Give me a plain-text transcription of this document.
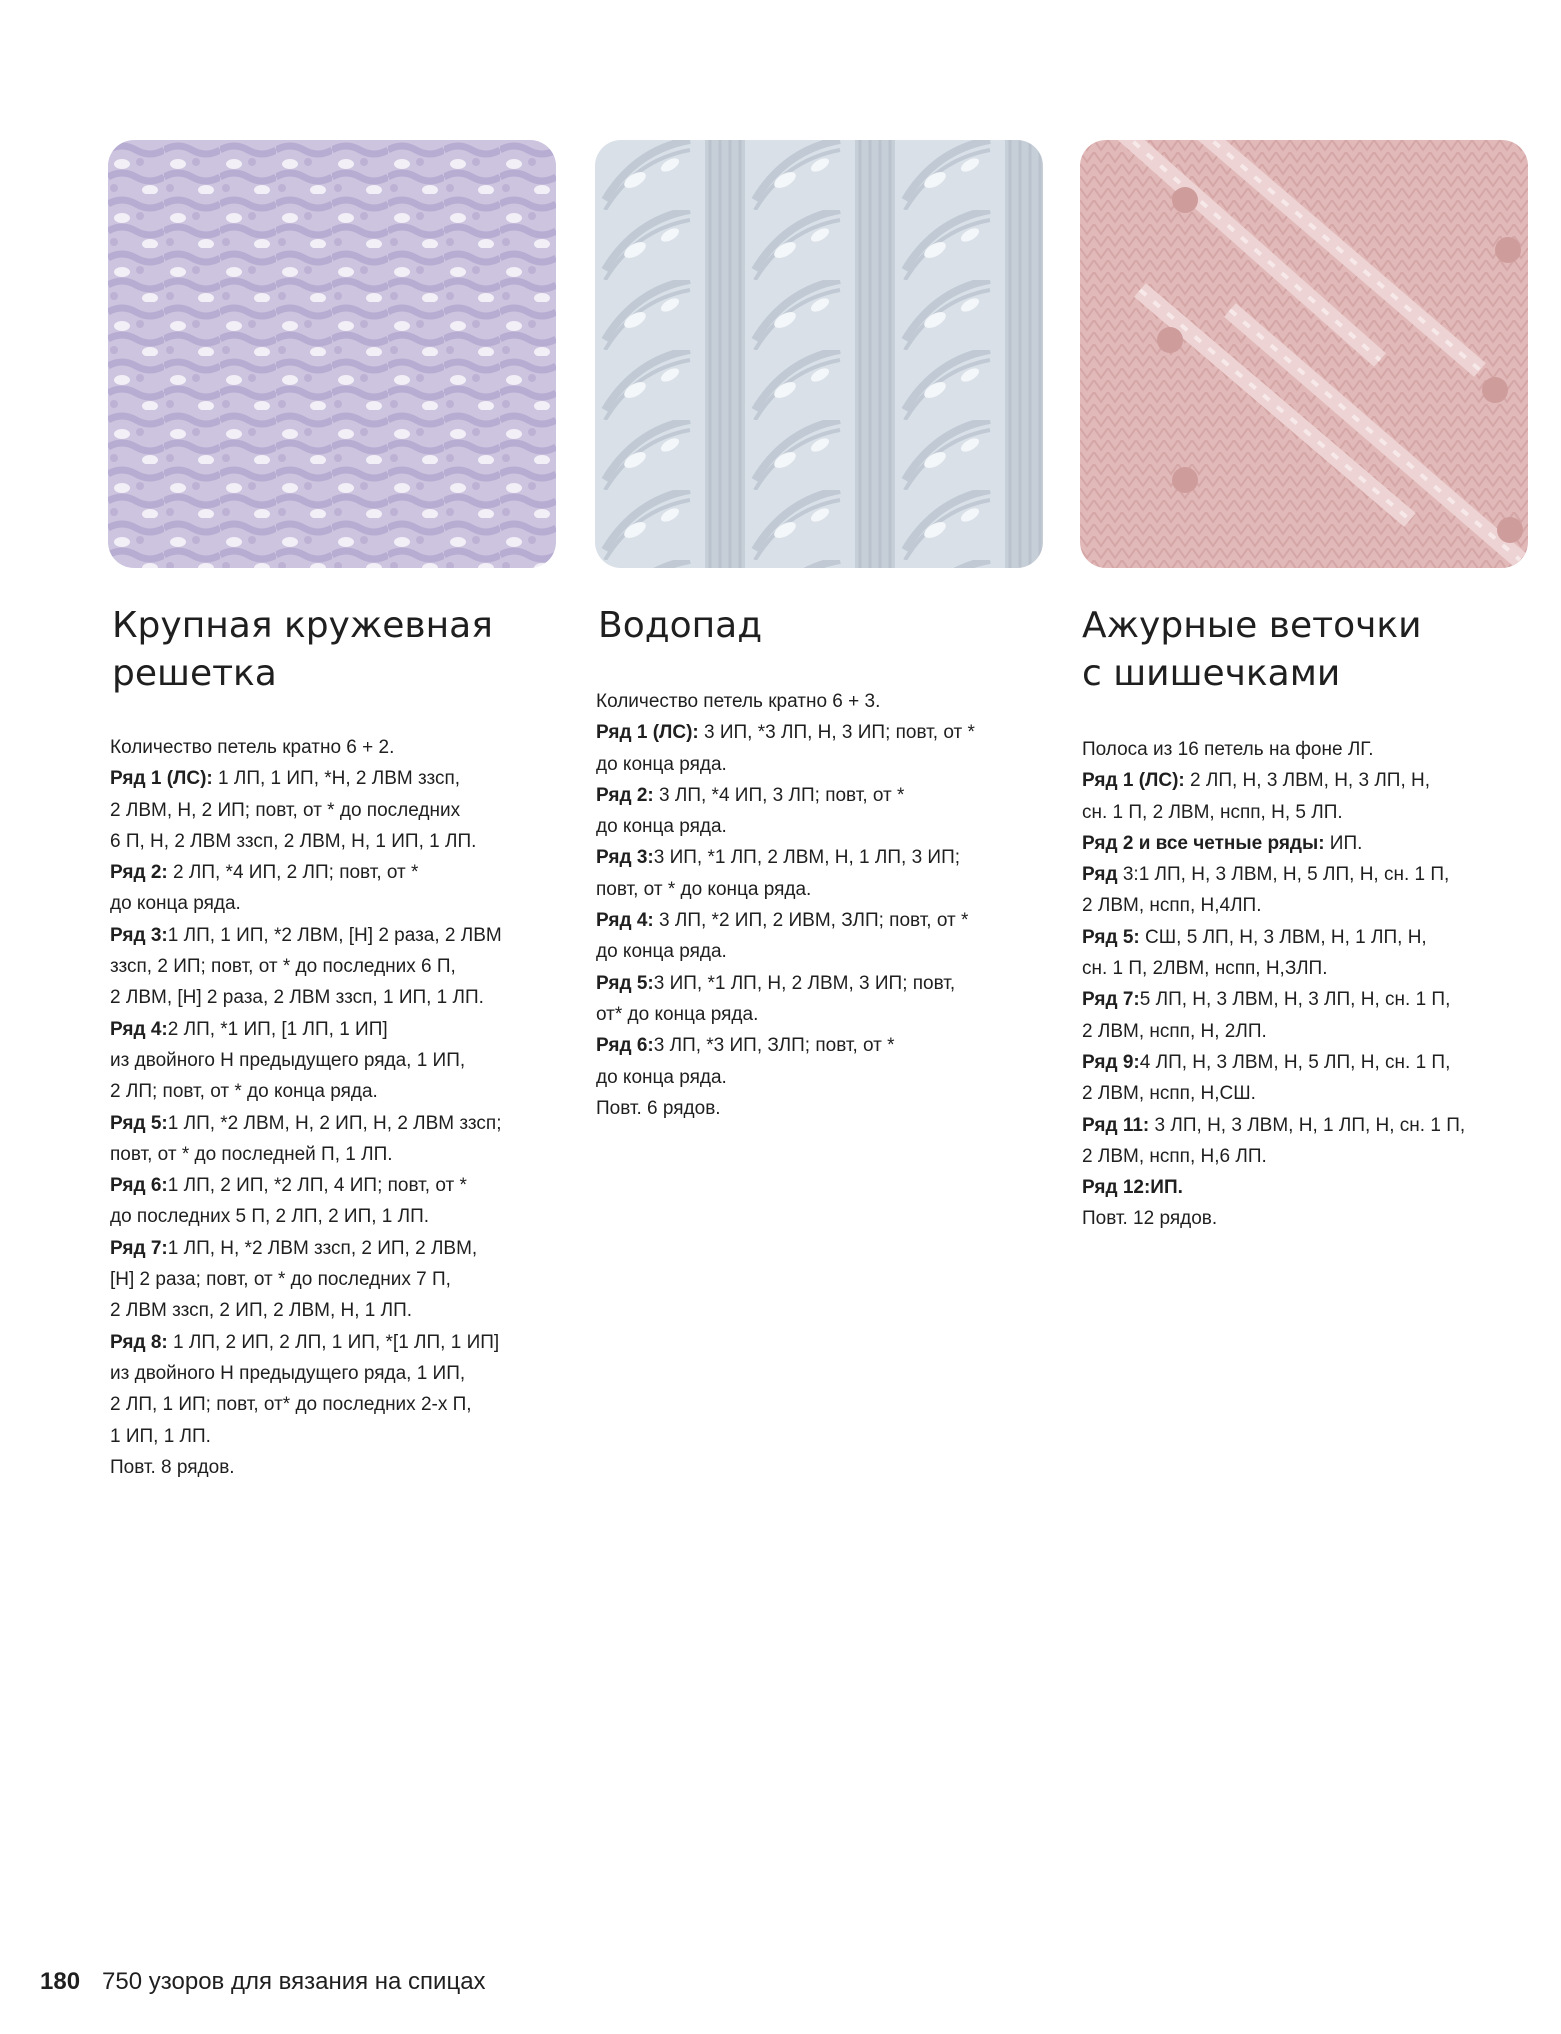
Крупная кружевная
решетка
Количество петель кратно 6 + 2.
Ряд 1 (ЛС): 1 ЛП, 1 ИП, *Н, 2 ЛВМ ззсп,
2 ЛВМ, Н, 2 ИП; повт, от * до последних
6 П, Н, 2 ЛВМ ззсп, 2 ЛВМ, Н, 1 ИП, 1 ЛП.
Ряд 2: 2 ЛП, *4 ИП, 2 ЛП; повт, от *
до конца ряда.
Ряд 3:1 ЛП, 1 ИП, *2 ЛВМ, [Н] 2 раза, 2 ЛВМ
ззсп, 2 ИП; повт, от * до последних 6 П,
2 ЛВМ, [Н] 2 раза, 2 ЛВМ ззсп, 1 ИП, 1 ЛП.
Ряд 4:2 ЛП, *1 ИП, [1 ЛП, 1 ИП]
из двойного Н предыдущего ряда, 1 ИП,
2 ЛП; повт, от * до конца ряда.
Ряд 5:1 ЛП, *2 ЛВМ, Н, 2 ИП, Н, 2 ЛВМ ззсп;
повт, от * до последней П, 1 ЛП.
Ряд 6:1 ЛП, 2 ИП, *2 ЛП, 4 ИП; повт, от *
до последних 5 П, 2 ЛП, 2 ИП, 1 ЛП.
Ряд 7:1 ЛП, Н, *2 ЛВМ ззсп, 2 ИП, 2 ЛВМ,
[Н] 2 раза; повт, от * до последних 7 П,
2 ЛВМ ззсп, 2 ИП, 2 ЛВМ, Н, 1 ЛП.
Ряд 8: 1 ЛП, 2 ИП, 2 ЛП, 1 ИП, *[1 ЛП, 1 ИП]
из двойного Н предыдущего ряда, 1 ИП,
2 ЛП, 1 ИП; повт, от* до последних 2-х П,
1 ИП, 1 ЛП.
Повт. 8 рядов.
Водопад
Количество петель кратно 6 + 3.
Ряд 1 (ЛС): 3 ИП, *3 ЛП, Н, 3 ИП; повт, от *
до конца ряда.
Ряд 2: 3 ЛП, *4 ИП, 3 ЛП; повт, от *
до конца ряда.
Ряд 3:3 ИП, *1 ЛП, 2 ЛВМ, Н, 1 ЛП, 3 ИП;
повт, от * до конца ряда.
Ряд 4: 3 ЛП, *2 ИП, 2 ИВМ, ЗЛП; повт, от *
до конца ряда.
Ряд 5:3 ИП, *1 ЛП, Н, 2 ЛВМ, 3 ИП; повт,
от* до конца ряда.
Ряд 6:3 ЛП, *3 ИП, ЗЛП; повт, от *
до конца ряда.
Повт. 6 рядов.
Ажурные веточки
с шишечками
Полоса из 16 петель на фоне ЛГ.
Ряд 1 (ЛС): 2 ЛП, Н, 3 ЛВМ, Н, 3 ЛП, Н,
сн. 1 П, 2 ЛВМ, нспп, Н, 5 ЛП.
Ряд 2 и все четные ряды: ИП.
Ряд 3:1 ЛП, Н, 3 ЛВМ, Н, 5 ЛП, Н, сн. 1 П,
2 ЛВМ, нспп, Н,4ЛП.
Ряд 5: СШ, 5 ЛП, Н, 3 ЛВМ, Н, 1 ЛП, Н,
сн. 1 П, 2ЛВМ, нспп, Н,ЗЛП.
Ряд 7:5 ЛП, Н, 3 ЛВМ, Н, 3 ЛП, Н, сн. 1 П,
2 ЛВМ, нспп, Н, 2ЛП.
Ряд 9:4 ЛП, Н, 3 ЛВМ, Н, 5 ЛП, Н, сн. 1 П,
2 ЛВМ, нспп, Н,СШ.
Ряд 11: 3 ЛП, Н, 3 ЛВМ, Н, 1 ЛП, Н, сн. 1 П,
2 ЛВМ, нспп, Н,6 ЛП.
Ряд 12:ИП.
Повт. 12 рядов.
180 750 узоров для вязания на спицах
